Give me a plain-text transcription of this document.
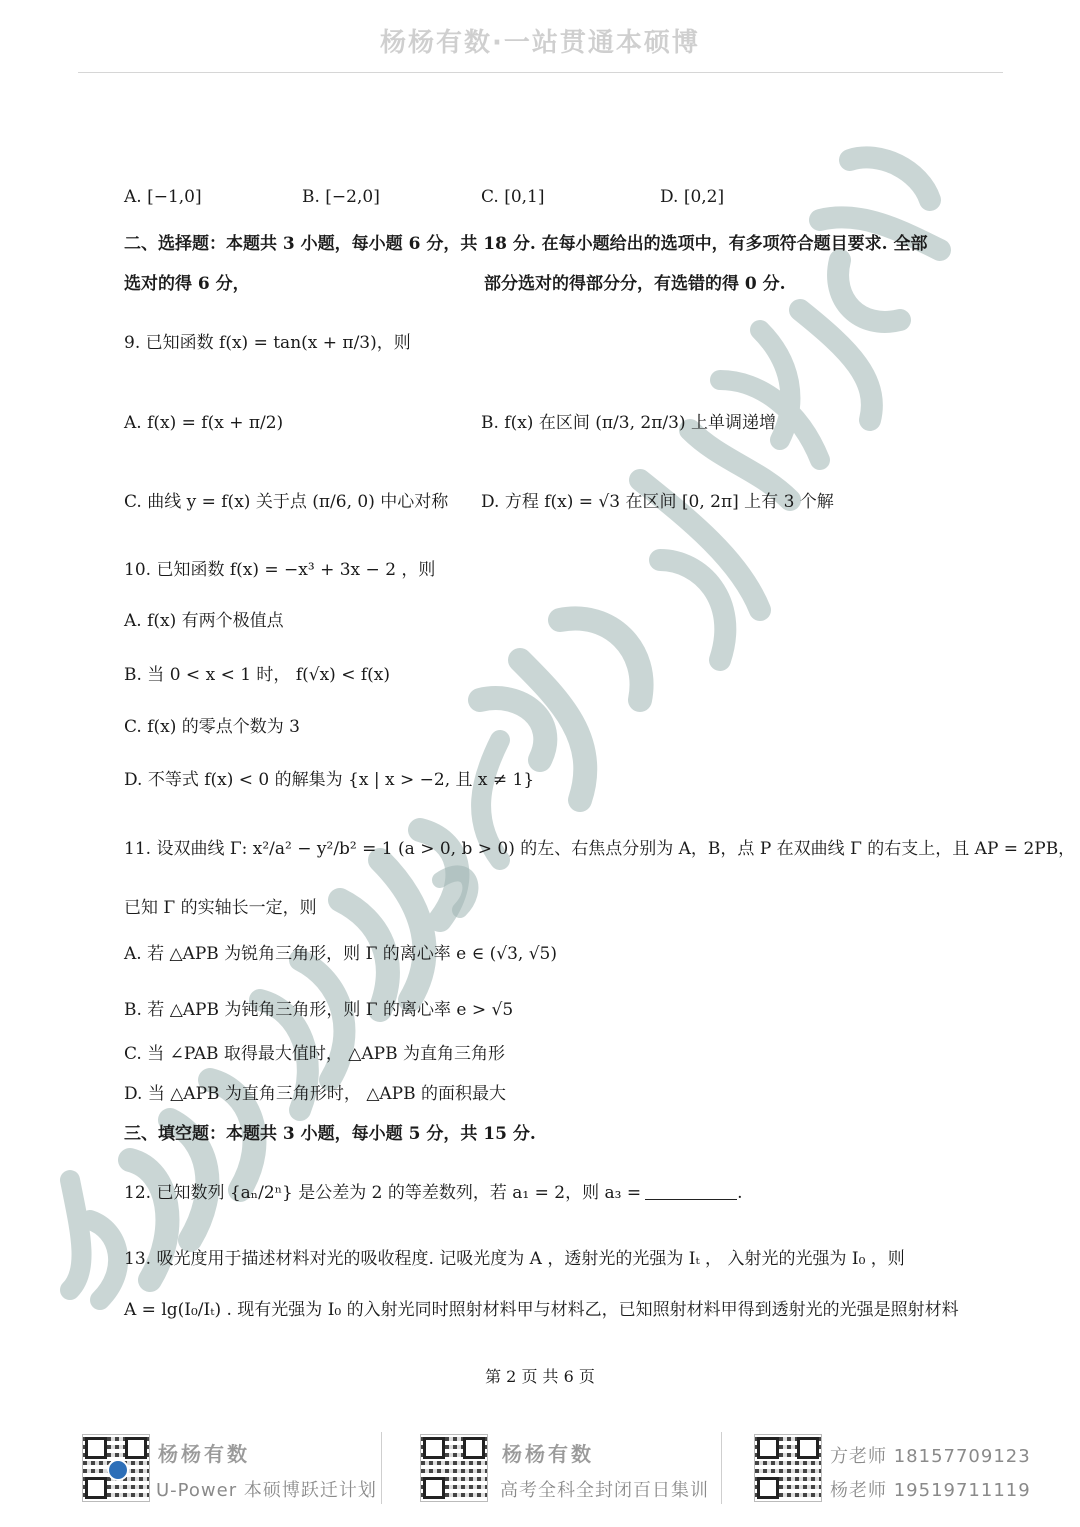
杨杨有数·一站贯通本硕博
A. [−1,0]	B. [−2,0]	C. [0,1]	D. [0,2]
二、选择题：本题共 3 小题，每小题 6 分，共 18 分. 在每小题给出的选项中，有多项符合题目要求. 全部
选对的得 6 分，	部分选对的得部分分，有选错的得 0 分.
9. 已知函数 f(x) = tan(x + π/3)，则
A. f(x) = f(x + π/2)	B. f(x) 在区间 (π/3, 2π/3) 上单调递增
C. 曲线 y = f(x) 关于点 (π/6, 0) 中心对称 D. 方程 f(x) = √3 在区间 [0, 2π] 上有 3 个解
10. 已知函数 f(x) = −x³ + 3x − 2 ，则
A. f(x) 有两个极值点
B. 当 0 < x < 1 时， f(√x) < f(x)
C. f(x) 的零点个数为 3
D. 不等式 f(x) < 0 的解集为 {x | x > −2, 且 x ≠ 1}
11. 设双曲线 Γ: x²/a² − y²/b² = 1 (a > 0, b > 0) 的左、右焦点分别为 A，B，点 P 在双曲线 Γ 的右支上，且 AP = 2PB，
已知 Γ 的实轴长一定，则
A. 若 △APB 为锐角三角形，则 Γ 的离心率 e ∈ (√3, √5)
B. 若 △APB 为钝角三角形，则 Γ 的离心率 e > √5
C. 当 ∠PAB 取得最大值时， △APB 为直角三角形
D. 当 △APB 为直角三角形时， △APB 的面积最大
三、填空题：本题共 3 小题，每小题 5 分，共 15 分.
12. 已知数列 {aₙ/2ⁿ} 是公差为 2 的等差数列，若 a₁ = 2，则 a₃ =	.
13. 吸光度用于描述材料对光的吸收程度. 记吸光度为 A ，透射光的光强为 Iₜ ， 入射光的光强为 I₀ ，则
A = lg(I₀/Iₜ) . 现有光强为 I₀ 的入射光同时照射材料甲与材料乙，已知照射材料甲得到透射光的光强是照射材料
第 2 页 共 6 页
杨杨有数
U-Power 本硕博跃迁计划
杨杨有数
高考全科全封闭百日集训
方老师 18157709123
杨老师 19519711119
